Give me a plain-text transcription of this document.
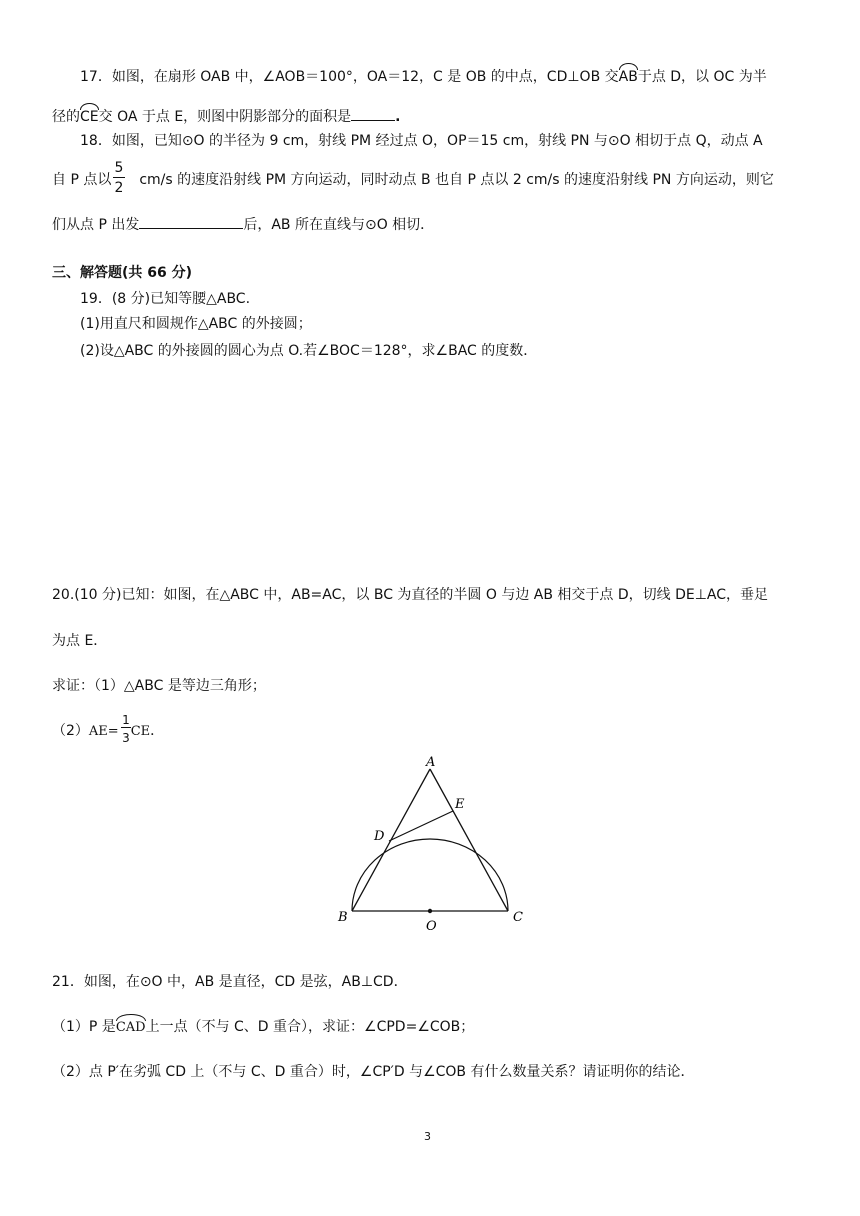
17．如图，在扇形 OAB 中，∠AOB＝100°，OA＝12，C 是 OB 的中点，CD⊥OB 交AB于点 D，以 OC 为半
径的CE交 OA 于点 E，则图中阴影部分的面积是	.
18．如图，已知⊙O 的半径为 9 cm，射线 PM 经过点 O，OP＝15 cm，射线 PN 与⊙O 相切于点 Q，动点 A
5
2
自 P 点以 cm/s 的速度沿射线 PM 方向运动，同时动点 B 也自 P 点以 2 cm/s 的速度沿射线 PN 方向运动，则它
们从点 P 出发	后，AB 所在直线与⊙O 相切．
三、解答题(共 66 分)
19．(8 分)已知等腰△ABC.
(1)用直尺和圆规作△ABC 的外接圆；
(2)设△ABC 的外接圆的圆心为点 O.若∠BOC＝128°，求∠BAC 的度数．
20.(10 分)已知：如图，在△ABC 中，AB=AC，以 BC 为直径的半圆 O 与边 AB 相交于点 D，切线 DE⊥AC，垂足
为点 E．
求证：（1）△ABC 是等边三角形；
（2）AE= CE．
1
3
A
E
D
B	C
O
21．如图，在⊙O 中，AB 是直径，CD 是弦，AB⊥CD．
（1）P 是CAD上一点（不与 C、D 重合），求证：∠CPD=∠COB；
（2）点 P′在劣弧 CD 上（不与 C、D 重合）时，∠CP′D 与∠COB 有什么数量关系？请证明你的结论．
3
